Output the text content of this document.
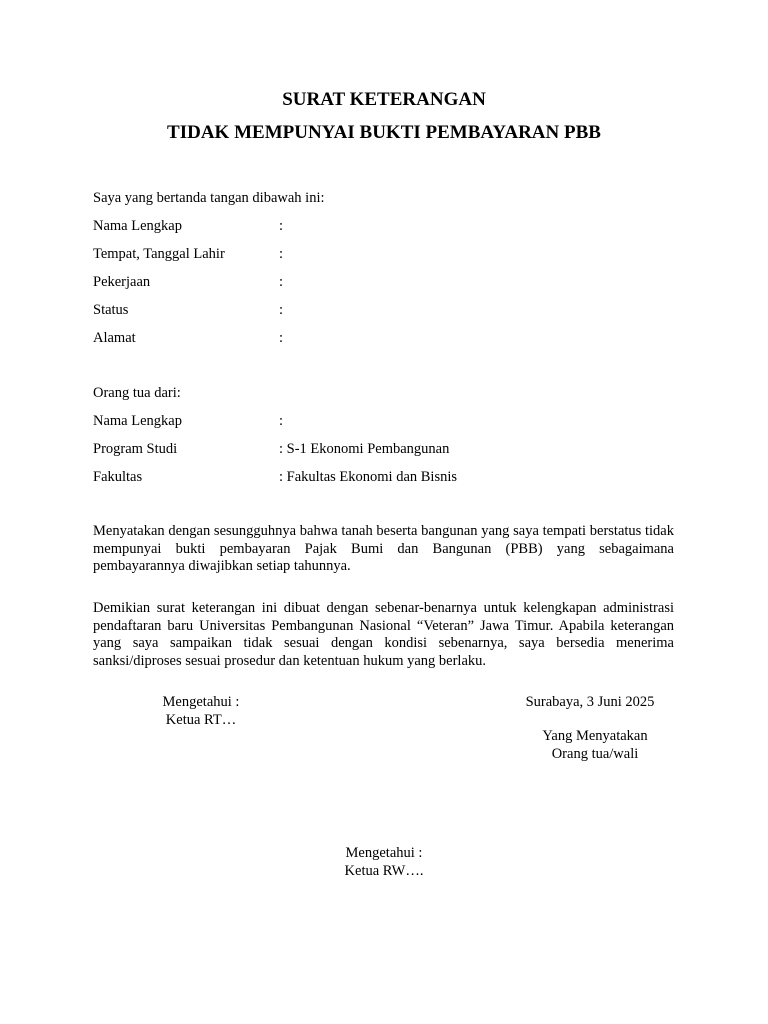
SURAT KETERANGAN
TIDAK MEMPUNYAI BUKTI PEMBAYARAN PBB
Saya yang bertanda tangan dibawah ini:
Nama Lengkap	:
Tempat, Tanggal Lahir	:
Pekerjaan	:
Status	:
Alamat	:
Orang tua dari:
Nama Lengkap	:
Program Studi	: S-1 Ekonomi Pembangunan
Fakultas	: Fakultas Ekonomi dan Bisnis
Menyatakan dengan sesungguhnya bahwa tanah beserta bangunan yang saya tempati berstatus tidak mempunyai bukti pembayaran Pajak Bumi dan Bangunan (PBB) yang sebagaimana pembayarannya diwajibkan setiap tahunnya.
Demikian surat keterangan ini dibuat dengan sebenar-benarnya untuk kelengkapan administrasi pendaftaran baru Universitas Pembangunan Nasional “Veteran” Jawa Timur. Apabila keterangan yang saya sampaikan tidak sesuai dengan kondisi sebenarnya, saya bersedia menerima sanksi/diproses sesuai prosedur dan ketentuan hukum yang berlaku.
Mengetahui :
Ketua RT…
Surabaya, 3 Juni 2025
Yang Menyatakan
Orang tua/wali
Mengetahui :
Ketua RW….
